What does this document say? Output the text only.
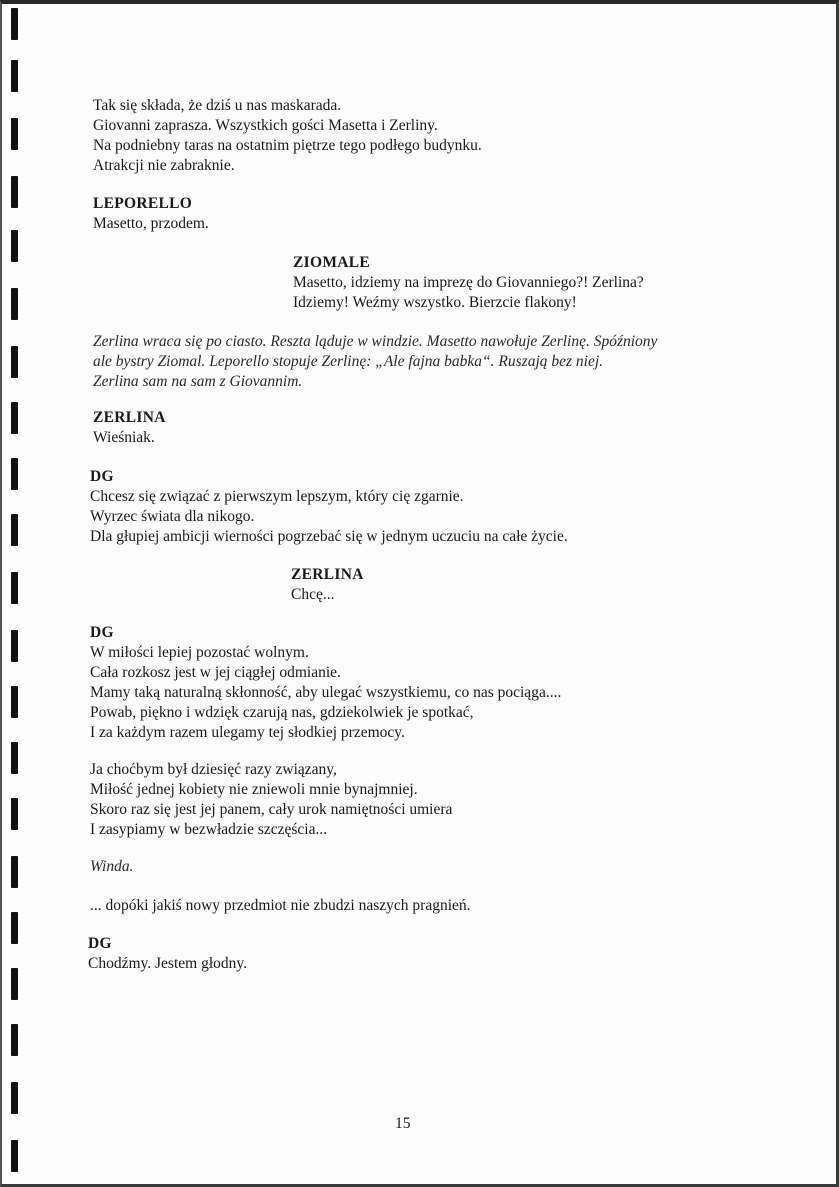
Tak się składa, że dziś u nas maskarada.
Giovanni zaprasza. Wszystkich gości Masetta i Zerliny.
Na podniebny taras na ostatnim piętrze tego podłego budynku.
Atrakcji nie zabraknie.
LEPORELLO
Masetto, przodem.
ZIOMALE
Masetto, idziemy na imprezę do Giovanniego?! Zerlina?
Idziemy! Weźmy wszystko. Bierzcie flakony!
Zerlina wraca się po ciasto. Reszta ląduje w windzie. Masetto nawołuje Zerlinę. Spóźniony
ale bystry Ziomal. Leporello stopuje Zerlinę: „Ale fajna babka“. Ruszają bez niej.
Zerlina sam na sam z Giovannim.
ZERLINA
Wieśniak.
DG
Chcesz się związać z pierwszym lepszym, który cię zgarnie.
Wyrzec świata dla nikogo.
Dla głupiej ambicji wierności pogrzebać się w jednym uczuciu na całe życie.
ZERLINA
Chcę...
DG
W miłości lepiej pozostać wolnym.
Cała rozkosz jest w jej ciągłej odmianie.
Mamy taką naturalną skłonność, aby ulegać wszystkiemu, co nas pociąga....
Powab, piękno i wdzięk czarują nas, gdziekolwiek je spotkać,
I za każdym razem ulegamy tej słodkiej przemocy.
Ja choćbym był dziesięć razy związany,
Miłość jednej kobiety nie zniewoli mnie bynajmniej.
Skoro raz się jest jej panem, cały urok namiętności umiera
I zasypiamy w bezwładzie szczęścia...
Winda.
... dopóki jakiś nowy przedmiot nie zbudzi naszych pragnień.
DG
Chodźmy. Jestem głodny.
15
